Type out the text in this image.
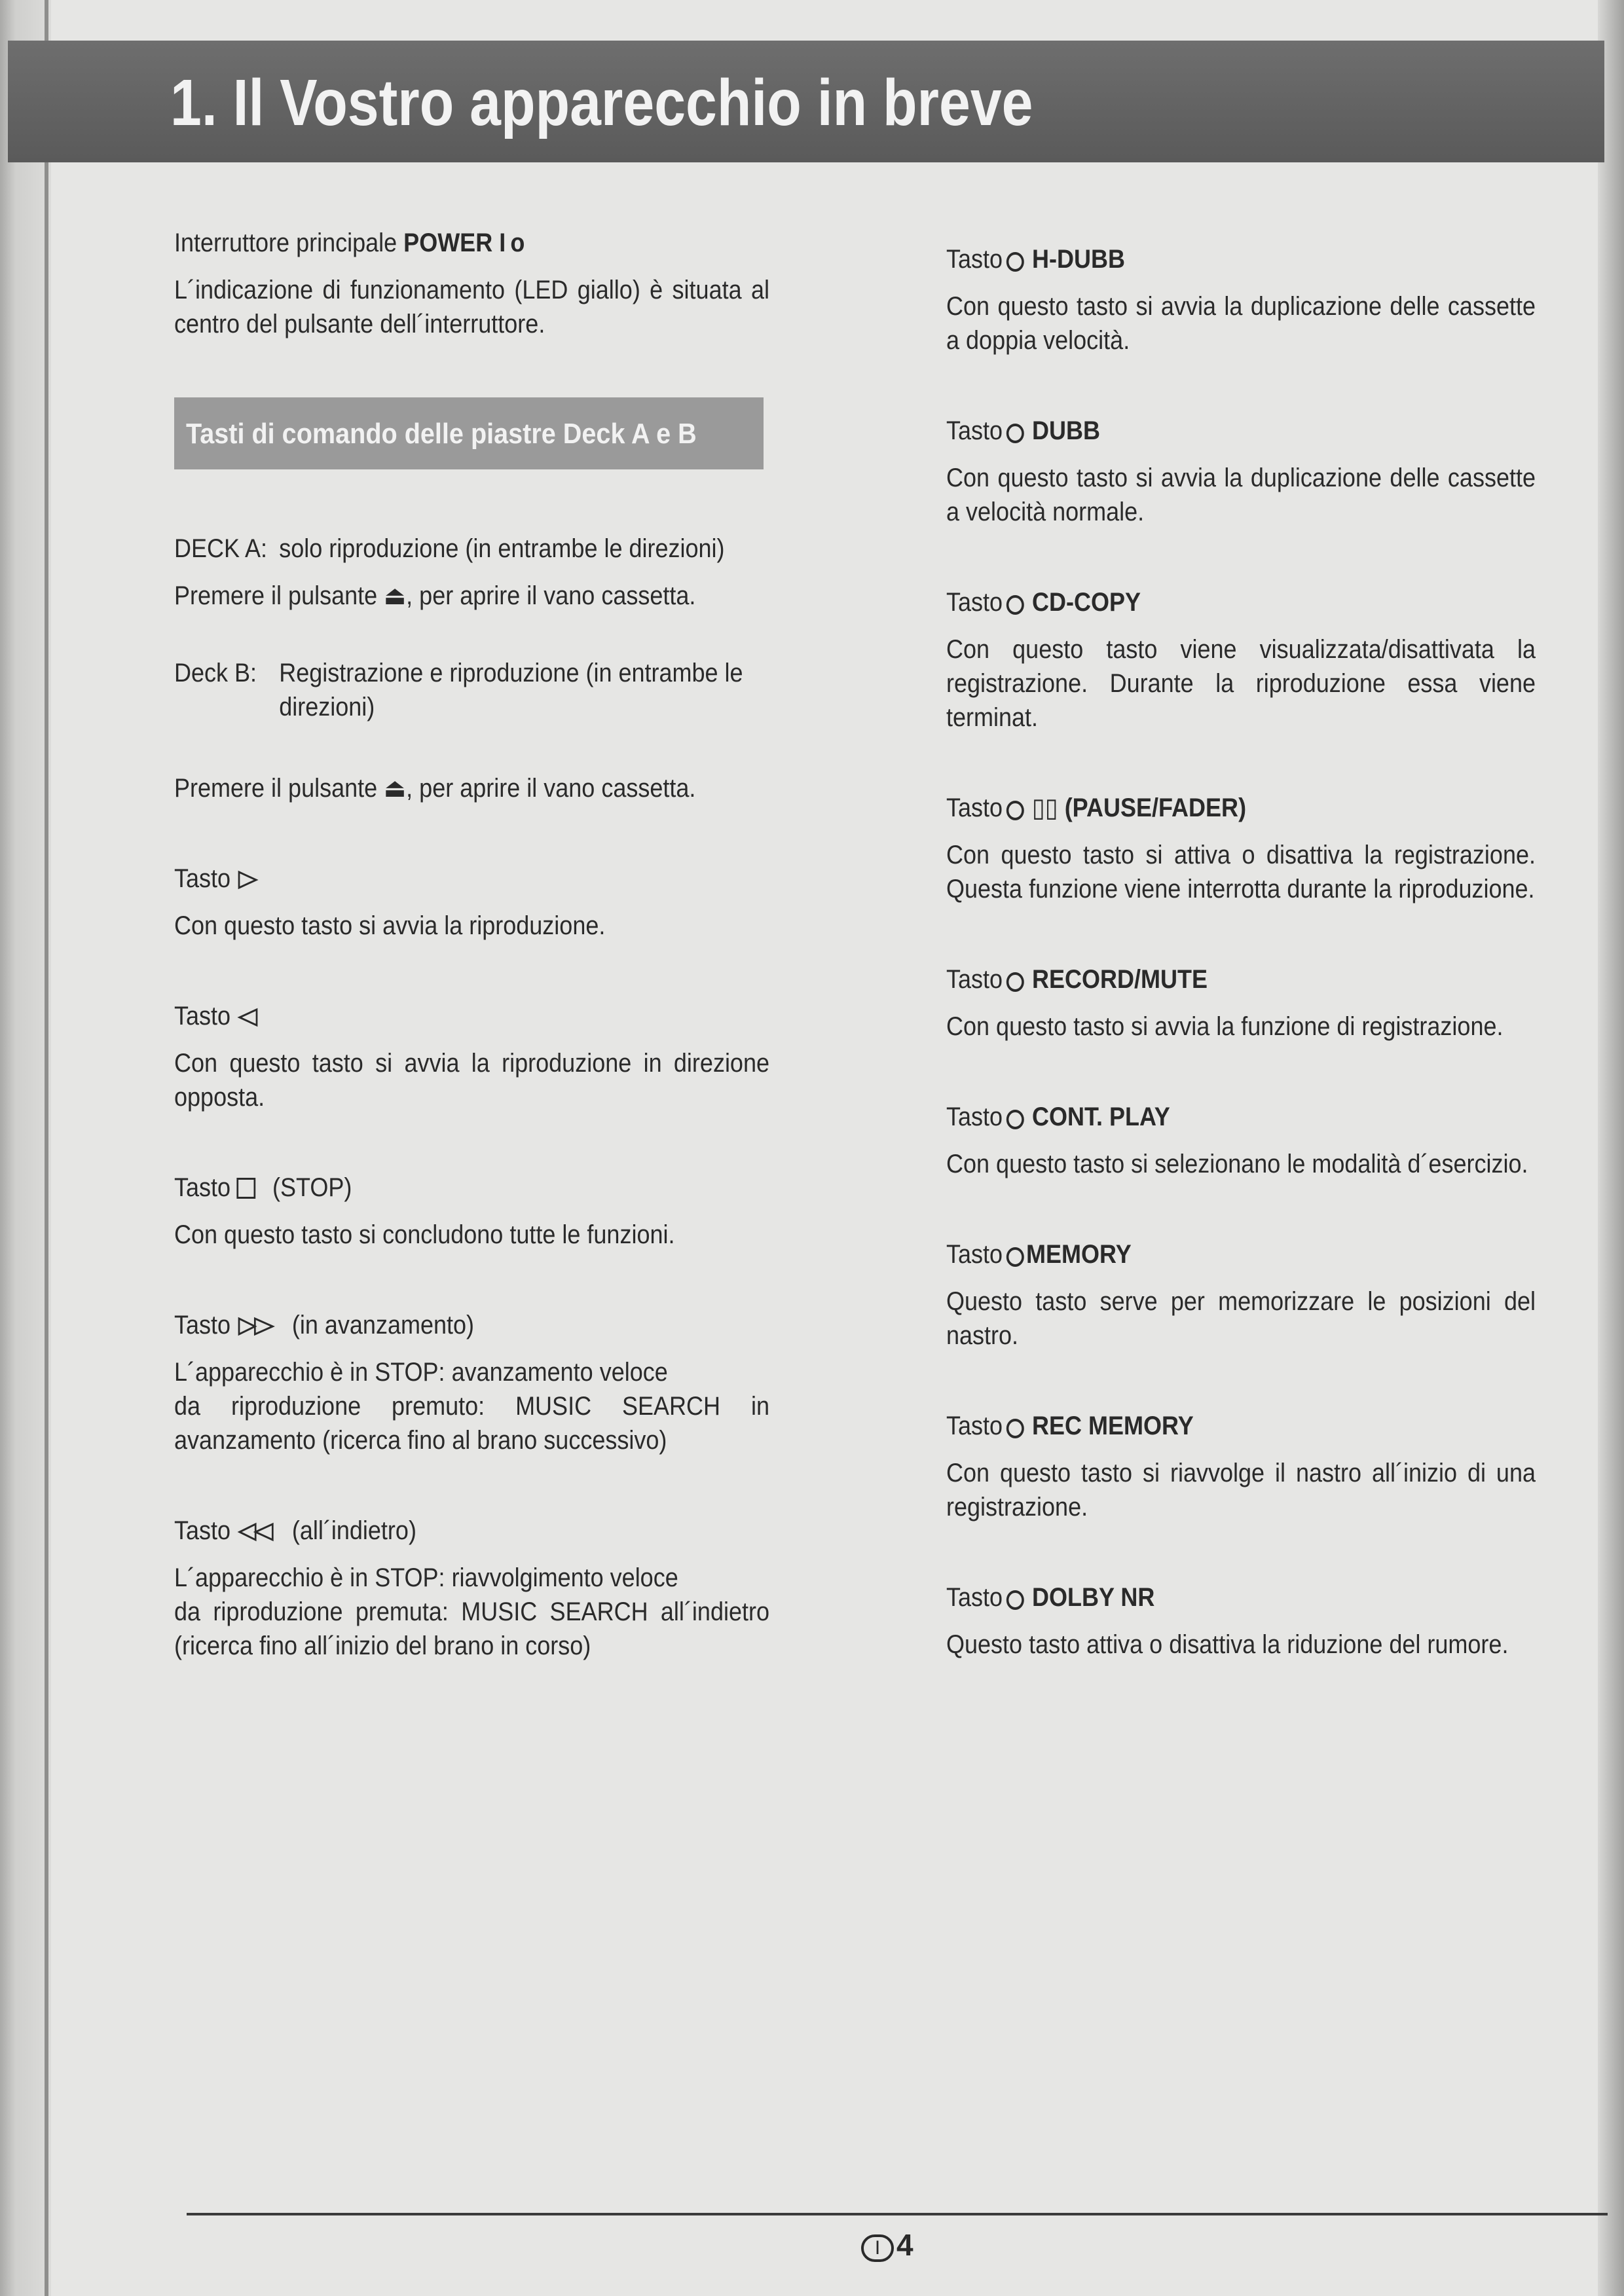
1. Il Vostro apparecchio in breve
Interruttore principale POWER I o
L´indicazione di funzionamento (LED giallo) è situata al centro del pulsante dell´interruttore.
Tasti di comando delle piastre Deck A e B
DECK A: solo riproduzione (in entrambe le direzioni)
Premere il pulsante ⏏, per aprire il vano cassetta.
Deck B: Registrazione e riproduzione (in entrambe le direzioni)
Premere il pulsante ⏏, per aprire il vano cassetta.
Tasto
Con questo tasto si avvia la riproduzione.
Tasto
Con questo tasto si avvia la riproduzione in direzione opposta.
Tasto (STOP)
Con questo tasto si concludono tutte le funzioni.
Tasto (in avanzamento)
L´apparecchio è in STOP: avanzamento veloce
da riproduzione premuto: MUSIC SEARCH in avanzamento (ricerca fino al brano successivo)
Tasto (all´indietro)
L´apparecchio è in STOP: riavvolgimento veloce
da riproduzione premuta: MUSIC SEARCH all´indietro (ricerca fino all´inizio del brano in corso)
Tasto H-DUBB
Con questo tasto si avvia la duplicazione delle cassette a doppia velocità.
Tasto DUBB
Con questo tasto si avvia la duplicazione delle cassette a velocità normale.
Tasto CD-COPY
Con questo tasto viene visualizzata/disattivata la registrazione. Durante la riproduzione essa viene terminat.
Tasto ▯▯ (PAUSE/FADER)
Con questo tasto si attiva o disattiva la registrazione. Questa funzione viene interrotta durante la riproduzione.
Tasto RECORD/MUTE
Con questo tasto si avvia la funzione di registrazione.
Tasto CONT. PLAY
Con questo tasto si selezionano le modalità d´esercizio.
Tasto MEMORY
Questo tasto serve per memorizzare le posizioni del nastro.
Tasto REC MEMORY
Con questo tasto si riavvolge il nastro all´inizio di una registrazione.
Tasto DOLBY NR
Questo tasto attiva o disattiva la riduzione del rumore.
I 4
